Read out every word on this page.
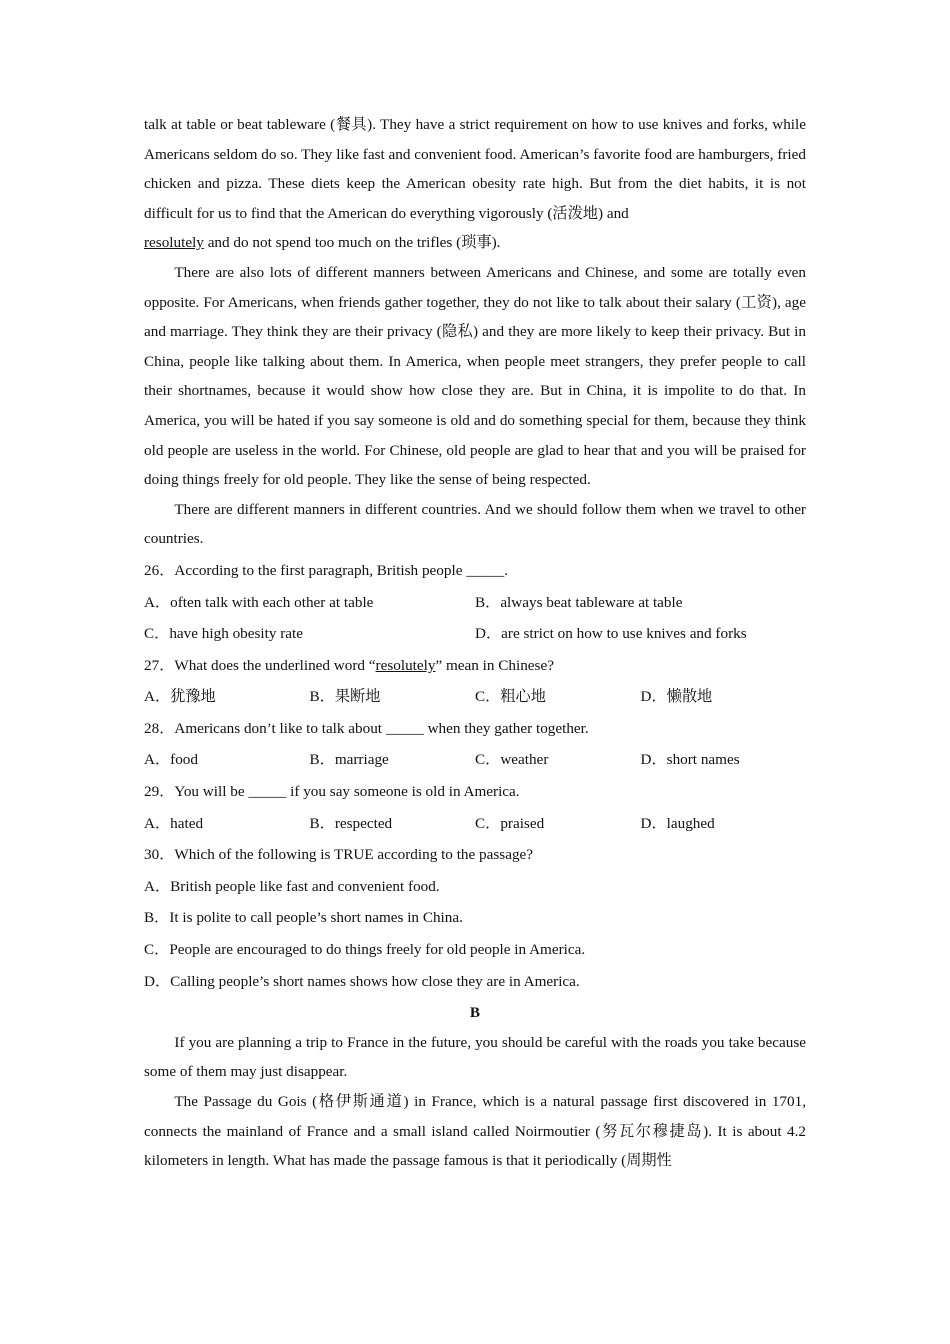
talk at table or beat tableware (餐具). They have a strict requirement on how to use knives and forks, while Americans seldom do so. They like fast and convenient food. American’s favorite food are hamburgers, fried chicken and pizza. These diets keep the American obesity rate high. But from the diet habits, it is not difficult for us to find that the American do everything vigorously (活泼地) and
resolutely and do not spend too much on the trifles (琐事).

There are also lots of different manners between Americans and Chinese, and some are totally even opposite. For Americans, when friends gather together, they do not like to talk about their salary (工资), age and marriage. They think they are their privacy (隐私) and they are more likely to keep their privacy. But in China, people like talking about them. In America, when people meet strangers, they prefer people to call their shortnames, because it would show how close they are. But in China, it is impolite to do that. In America, you will be hated if you say someone is old and do something special for them, because they think old people are useless in the world. For Chinese, old people are glad to hear that and you will be praised for doing things freely for old people. They like the sense of being respected.

There are different manners in different countries. And we should follow them when we travel to other countries.

26．According to the first paragraph, British people _____.

A．often talk with each other at table	B．always beat tableware at table
C．have high obesity rate	D．are strict on how to use knives and forks

27．What does the underlined word “resolutely” mean in Chinese?

A．犹豫地	B．果断地	C．粗心地	D．懒散地

28．Americans don’t like to talk about _____ when they gather together.

A．food	B．marriage	C．weather	D．short names

29．You will be _____ if you say someone is old in America.

A．hated	B．respected	C．praised	D．laughed

30．Which of the following is TRUE according to the passage?

A．British people like fast and convenient food.

B．It is polite to call people’s short names in China.

C．People are encouraged to do things freely for old people in America.

D．Calling people’s short names shows how close they are in America.

B

If you are planning a trip to France in the future, you should be careful with the roads you take because some of them may just disappear.

The Passage du Gois (格伊斯通道) in France, which is a natural passage first discovered in 1701, connects the mainland of France and a small island called Noirmoutier (努瓦尔穆捷岛). It is about 4.2 kilometers in length. What has made the passage famous is that it periodically (周期性
